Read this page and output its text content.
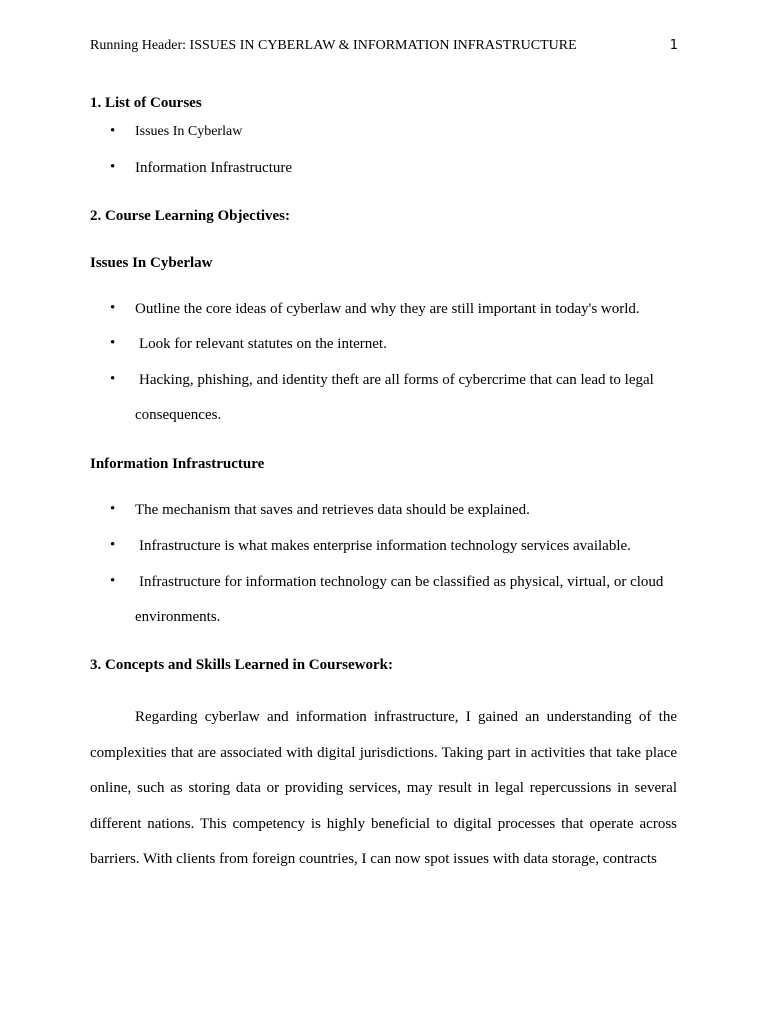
Running Header: ISSUES IN CYBERLAW & INFORMATION INFRASTRUCTURE	1
1. List of Courses
• Issues In Cyberlaw
• Information Infrastructure
2. Course Learning Objectives:
Issues In Cyberlaw
• Outline the core ideas of cyberlaw and why they are still important in today's world.
• Look for relevant statutes on the internet.
• Hacking, phishing, and identity theft are all forms of cybercrime that can lead to legal
consequences.
Information Infrastructure
• The mechanism that saves and retrieves data should be explained.
• Infrastructure is what makes enterprise information technology services available.
• Infrastructure for information technology can be classified as physical, virtual, or cloud
environments.
3. Concepts and Skills Learned in Coursework:
Regarding cyberlaw and information infrastructure, I gained an understanding of the complexities that are associated with digital jurisdictions. Taking part in activities that take place online, such as storing data or providing services, may result in legal repercussions in several different nations. This competency is highly beneficial to digital processes that operate across barriers. With clients from foreign countries, I can now spot issues with data storage, contracts
